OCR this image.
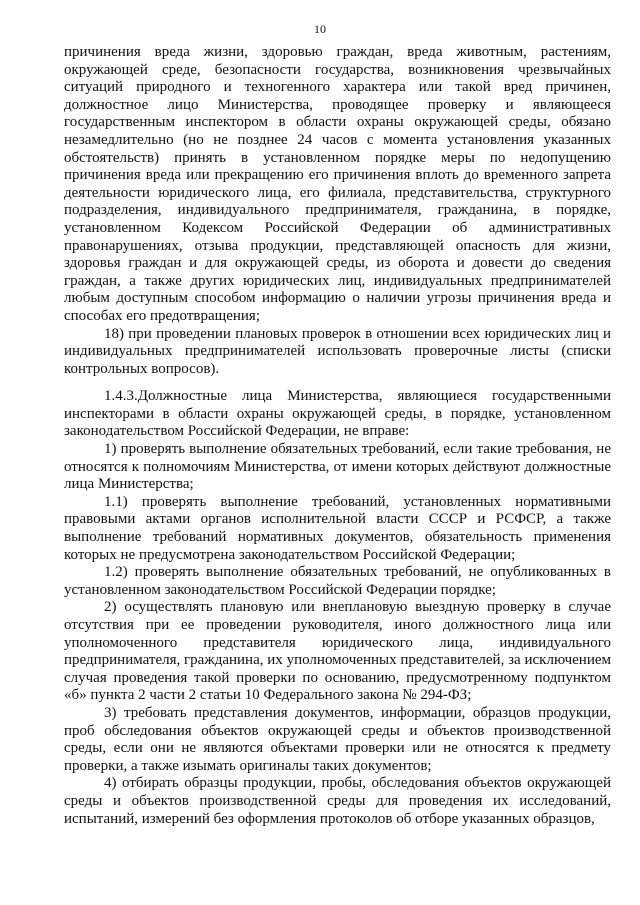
10

причинения вреда жизни, здоровью граждан, вреда животным, растениям, окружающей среде, безопасности государства, возникновения чрезвычайных ситуаций природного и техногенного характера или такой вред причинен, должностное лицо Министерства, проводящее проверку и являющееся государственным инспектором в области охраны окружающей среды, обязано незамедлительно (но не позднее 24 часов с момента установления указанных обстоятельств) принять в установленном порядке меры по недопущению причинения вреда или прекращению его причинения вплоть до временного запрета деятельности юридического лица, его филиала, представительства, структурного подразделения, индивидуального предпринимателя, гражданина, в порядке, установленном Кодексом Российской Федерации об административных правонарушениях, отзыва продукции, представляющей опасность для жизни, здоровья граждан и для окружающей среды, из оборота и довести до сведения граждан, а также других юридических лиц, индивидуальных предпринимателей любым доступным способом информацию о наличии угрозы причинения вреда и способах его предотвращения;

18) при проведении плановых проверок в отношении всех юридических лиц и индивидуальных предпринимателей использовать проверочные листы (списки контрольных вопросов).

1.4.3.Должностные лица Министерства, являющиеся государственными инспекторами в области охраны окружающей среды, в порядке, установленном законодательством Российской Федерации, не вправе:

1) проверять выполнение обязательных требований, если такие требования, не относятся к полномочиям Министерства, от имени которых действуют должностные лица Министерства;

1.1) проверять выполнение требований, установленных нормативными правовыми актами органов исполнительной власти СССР и РСФСР, а также выполнение требований нормативных документов, обязательность применения которых не предусмотрена законодательством Российской Федерации;

1.2) проверять выполнение обязательных требований, не опубликованных в установленном законодательством Российской Федерации порядке;

2) осуществлять плановую или внеплановую выездную проверку в случае отсутствия при ее проведении руководителя, иного должностного лица или уполномоченного представителя юридического лица, индивидуального предпринимателя, гражданина, их уполномоченных представителей, за исключением случая проведения такой проверки по основанию, предусмотренному подпунктом «б» пункта 2 части 2 статьи 10 Федерального закона № 294-ФЗ;

3) требовать представления документов, информации, образцов продукции, проб обследования объектов окружающей среды и объектов производственной среды, если они не являются объектами проверки или не относятся к предмету проверки, а также изымать оригиналы таких документов;

4) отбирать образцы продукции, пробы, обследования объектов окружающей среды и объектов производственной среды для проведения их исследований, испытаний, измерений без оформления протоколов об отборе указанных образцов,
